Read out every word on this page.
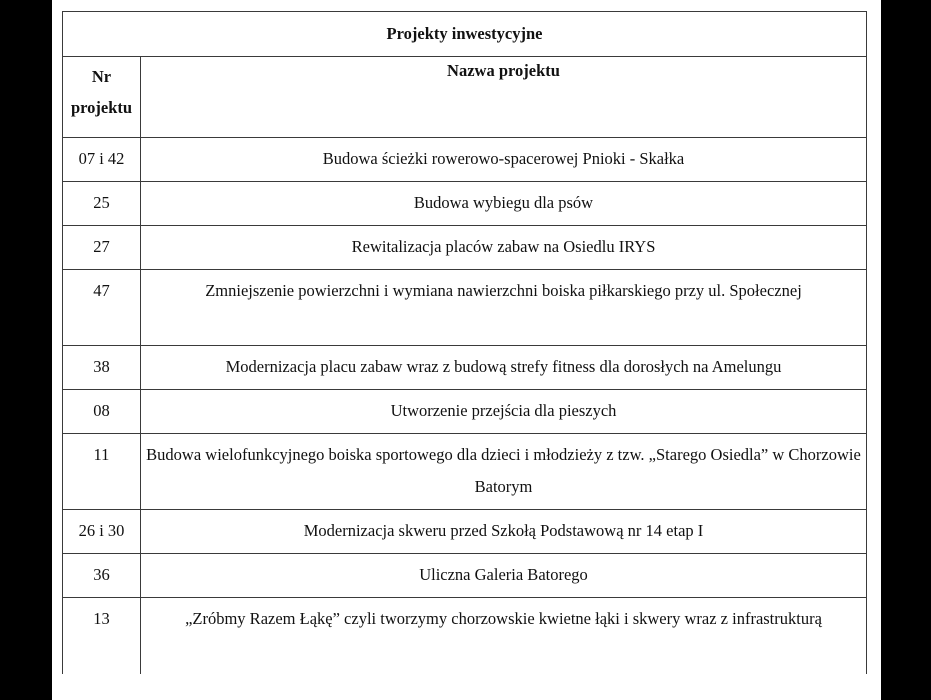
Projekty inwestycyjne	
Nr projektu	Nazwa projektu
07 i 42	Budowa ścieżki rowerowo-spacerowej Pnioki - Skałka
25	Budowa wybiegu dla psów
27	Rewitalizacja placów zabaw na Osiedlu IRYS
47	Zmniejszenie powierzchni i wymiana nawierzchni boiska piłkarskiego przy ul. Społecznej
38	Modernizacja placu zabaw wraz z budową strefy fitness dla dorosłych na Amelungu
08	Utworzenie przejścia dla pieszych
11	Budowa wielofunkcyjnego boiska sportowego dla dzieci i młodzieży z tzw. „Starego Osiedla” w Chorzowie Batorym
26 i 30	Modernizacja skweru przed Szkołą Podstawową nr 14 etap I
36	Uliczna Galeria Batorego
13	„Zróbmy Razem Łąkę” czyli tworzymy chorzowskie kwietne łąki i skwery wraz z infrastrukturą
